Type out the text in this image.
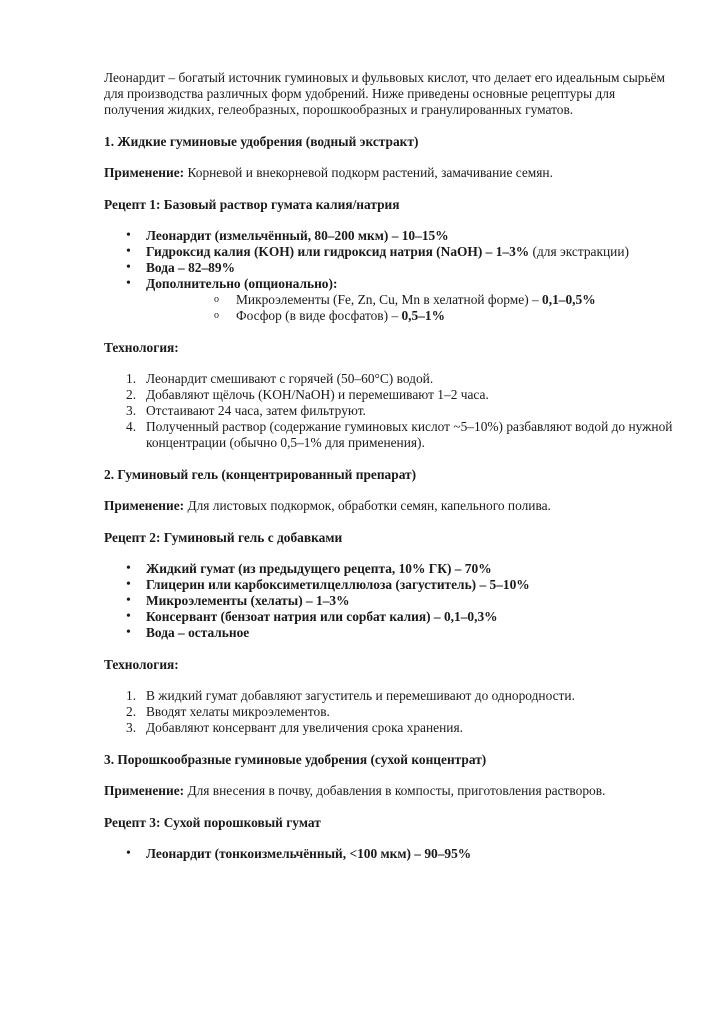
Леонардит – богатый источник гуминовых и фульвовых кислот, что делает его идеальным сырьём для производства различных форм удобрений. Ниже приведены основные рецептуры для получения жидких, гелеобразных, порошкообразных и гранулированных гуматов.

1. Жидкие гуминовые удобрения (водный экстракт)

Применение: Корневой и внекорневой подкорм растений, замачивание семян.

Рецепт 1: Базовый раствор гумата калия/натрия

• Леонардит (измельчённый, 80–200 мкм) – 10–15%
• Гидроксид калия (KOH) или гидроксид натрия (NaOH) – 1–3% (для экстракции)
• Вода – 82–89%
• Дополнительно (опционально):
o Микроэлементы (Fe, Zn, Cu, Mn в хелатной форме) – 0,1–0,5%
o Фосфор (в виде фосфатов) – 0,5–1%

Технология:

1. Леонардит смешивают с горячей (50–60°C) водой.
2. Добавляют щёлочь (KOH/NaOH) и перемешивают 1–2 часа.
3. Отстаивают 24 часа, затем фильтруют.
4. Полученный раствор (содержание гуминовых кислот ~5–10%) разбавляют водой до нужной концентрации (обычно 0,5–1% для применения).

2. Гуминовый гель (концентрированный препарат)

Применение: Для листовых подкормок, обработки семян, капельного полива.

Рецепт 2: Гуминовый гель с добавками

• Жидкий гумат (из предыдущего рецепта, 10% ГК) – 70%
• Глицерин или карбоксиметилцеллюлоза (загуститель) – 5–10%
• Микроэлементы (хелаты) – 1–3%
• Консервант (бензоат натрия или сорбат калия) – 0,1–0,3%
• Вода – остальное

Технология:

1. В жидкий гумат добавляют загуститель и перемешивают до однородности.
2. Вводят хелаты микроэлементов.
3. Добавляют консервант для увеличения срока хранения.

3. Порошкообразные гуминовые удобрения (сухой концентрат)

Применение: Для внесения в почву, добавления в компосты, приготовления растворов.

Рецепт 3: Сухой порошковый гумат

• Леонардит (тонкоизмельчённый, <100 мкм) – 90–95%
